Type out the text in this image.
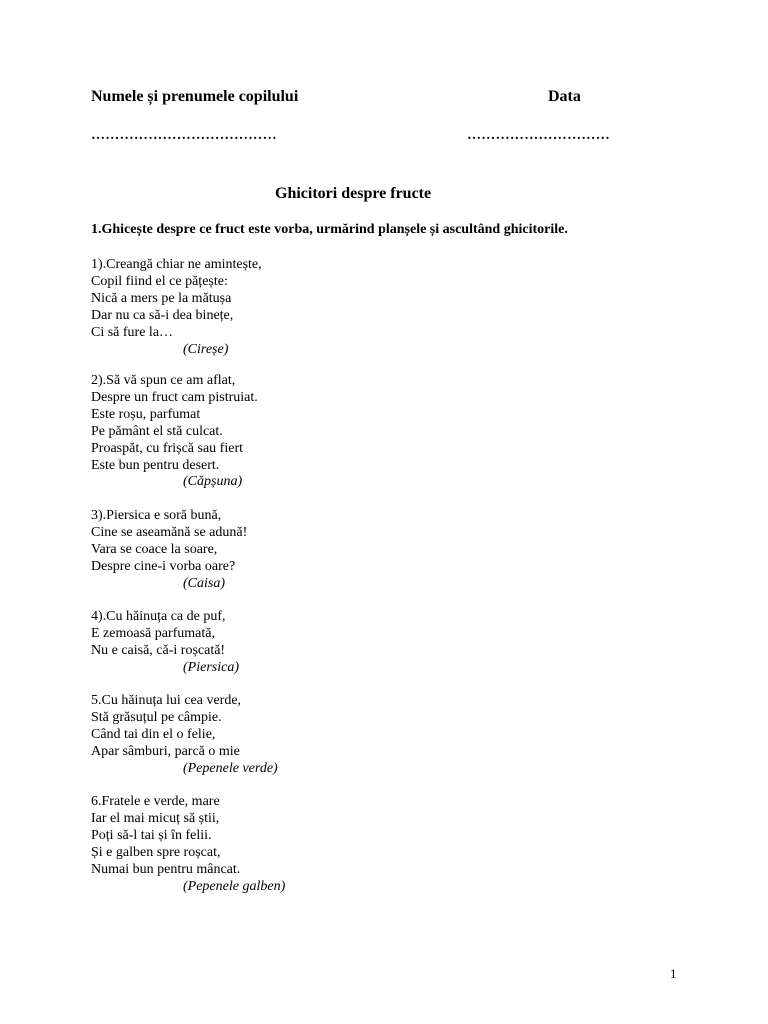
Numele și prenumele copilului	Data
…………………………………	…………………………
Ghicitori despre fructe
1.Ghicește despre ce fruct este vorba, urmărind planșele și ascultând ghicitorile.
1).Creangă chiar ne amintește,
Copil fiind el ce pățește:
Nică a mers pe la mătușa
Dar nu ca să-i dea binețe,
Ci să fure la…
(Cireșe)
2).Să vă spun ce am aflat,
Despre un fruct cam pistruiat.
Este roșu, parfumat
Pe pământ el stă culcat.
Proaspăt, cu frișcă sau fiert
Este bun pentru desert.
(Căpșuna)
3).Piersica e soră bună,
Cine se aseamănă se adună!
Vara se coace la soare,
Despre cine-i vorba oare?
(Caisa)
4).Cu hăinuța ca de puf,
E zemoasă parfumată,
Nu e caisă, că-i roșcată!
(Piersica)
5.Cu hăinuța lui cea verde,
Stă grăsuțul pe câmpie.
Când tai din el o felie,
Apar sâmburi, parcă o mie
(Pepenele verde)
6.Fratele e verde, mare
Iar el mai micuț să știi,
Poți să-l tai și în felii.
Și e galben spre roșcat,
Numai bun pentru mâncat.
(Pepenele galben)
1
